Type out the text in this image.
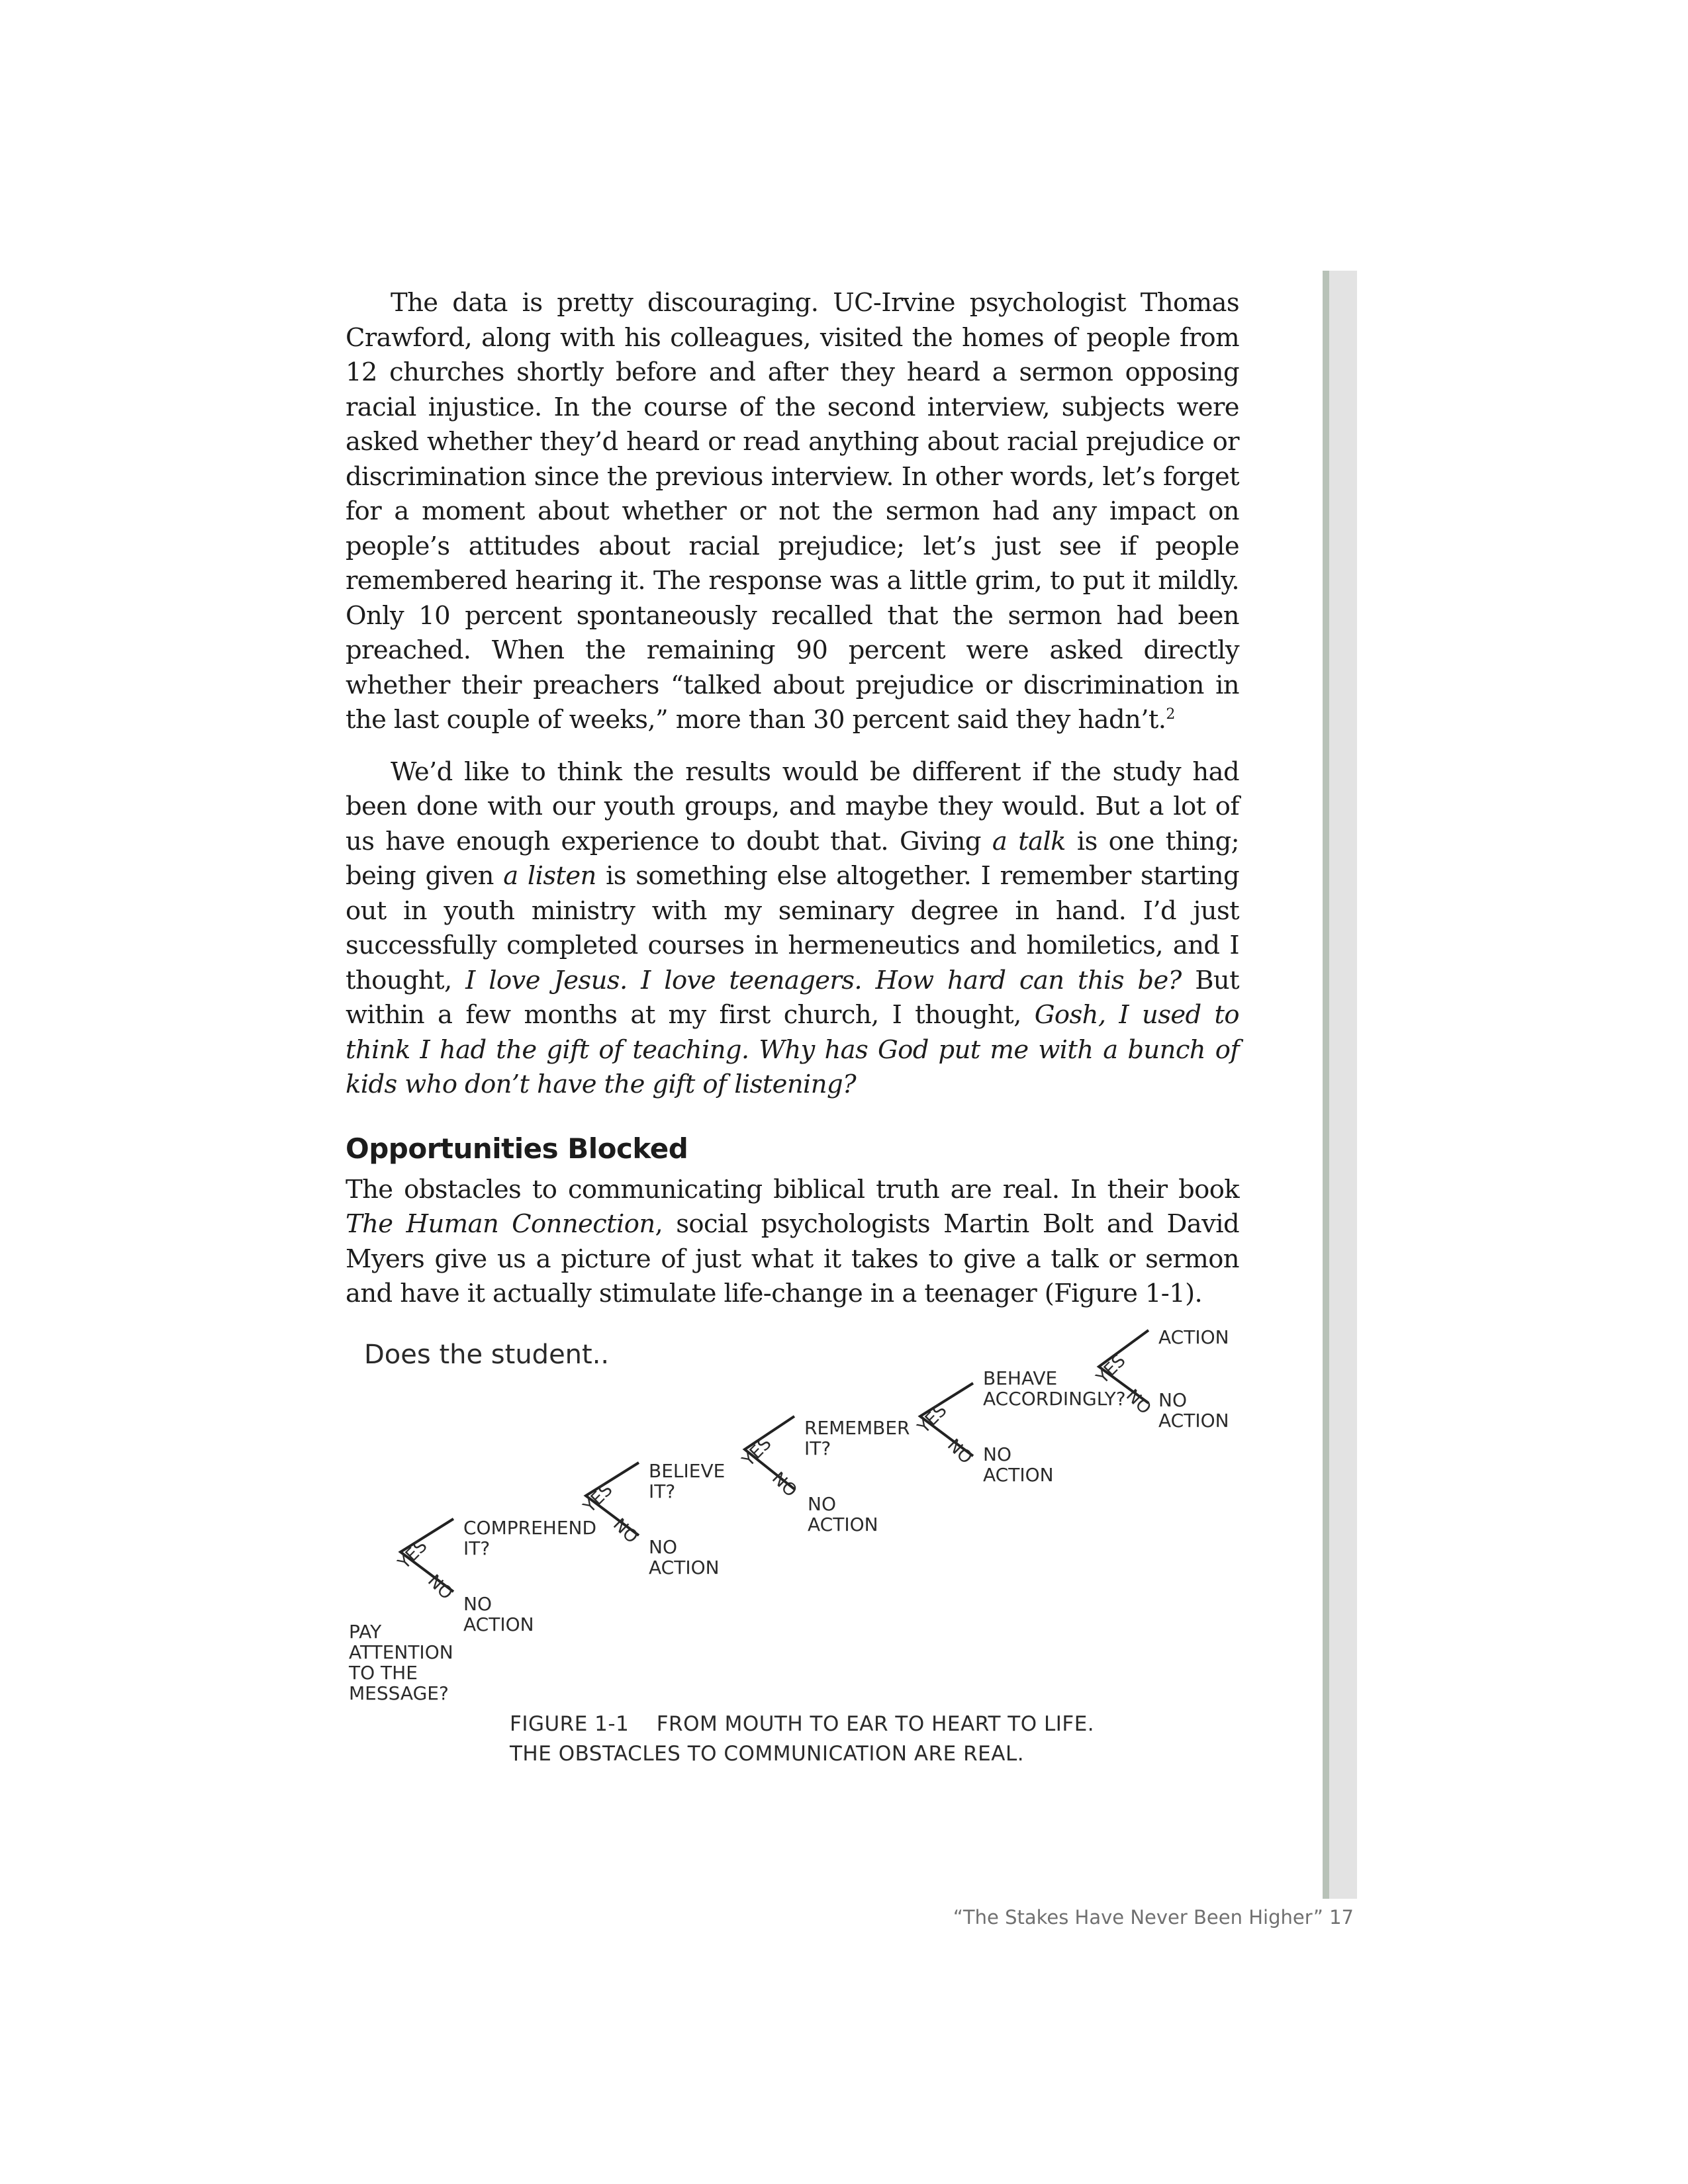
The data is pretty discouraging. UC-Irvine psychologist Thomas Crawford, along with his colleagues, visited the homes of people from 12 churches shortly before and after they heard a sermon opposing racial injustice. In the course of the second interview, subjects were asked whether they’d heard or read anything about racial prejudice or discrimination since the previous interview. In other words, let’s forget for a moment about whether or not the sermon had any impact on people’s attitudes about racial prejudice; let’s just see if people remembered hearing it. The response was a little grim, to put it mildly. Only 10 percent spontaneously recalled that the sermon had been preached. When the remaining 90 percent were asked directly whether their preachers “talked about prejudice or discrimination in the last couple of weeks,” more than 30 percent said they hadn’t.$^2$

We’d like to think the results would be different if the study had been done with our youth groups, and maybe they would. But a lot of us have enough experience to doubt that. Giving a talk is one thing; being given a listen is something else altogether. I remember starting out in youth ministry with my seminary degree in hand. I’d just successfully completed courses in hermeneutics and homiletics, and I thought, I love Jesus. I love teenagers. How hard can this be? But within a few months at my first church, I thought, Gosh, I used to think I had the gift of teaching. Why has God put me with a bunch of kids who don’t have the gift of listening?

Opportunities Blocked

The obstacles to communicating biblical truth are real. In their book The Human Connection, social psychologists Martin Bolt and David Myers give us a picture of just what it takes to give a talk or sermon and have it actually stimulate life-change in a teenager (Figure 1-1).

Does the student..
YES
NO
YES
NO
YES
NO
YES
NO
YES
NO
PAY
ATTENTION
TO THE
MESSAGE?
COMPREHEND
IT?
NO
ACTION
BELIEVE
IT?
NO
ACTION
REMEMBER
IT?
NO
ACTION
BEHAVE
ACCORDINGLY?
NO
ACTION
ACTION
NO
ACTION
FIGURE 1-1    FROM MOUTH TO EAR TO HEART TO LIFE.
THE OBSTACLES TO COMMUNICATION ARE REAL.
“The Stakes Have Never Been Higher” 17
